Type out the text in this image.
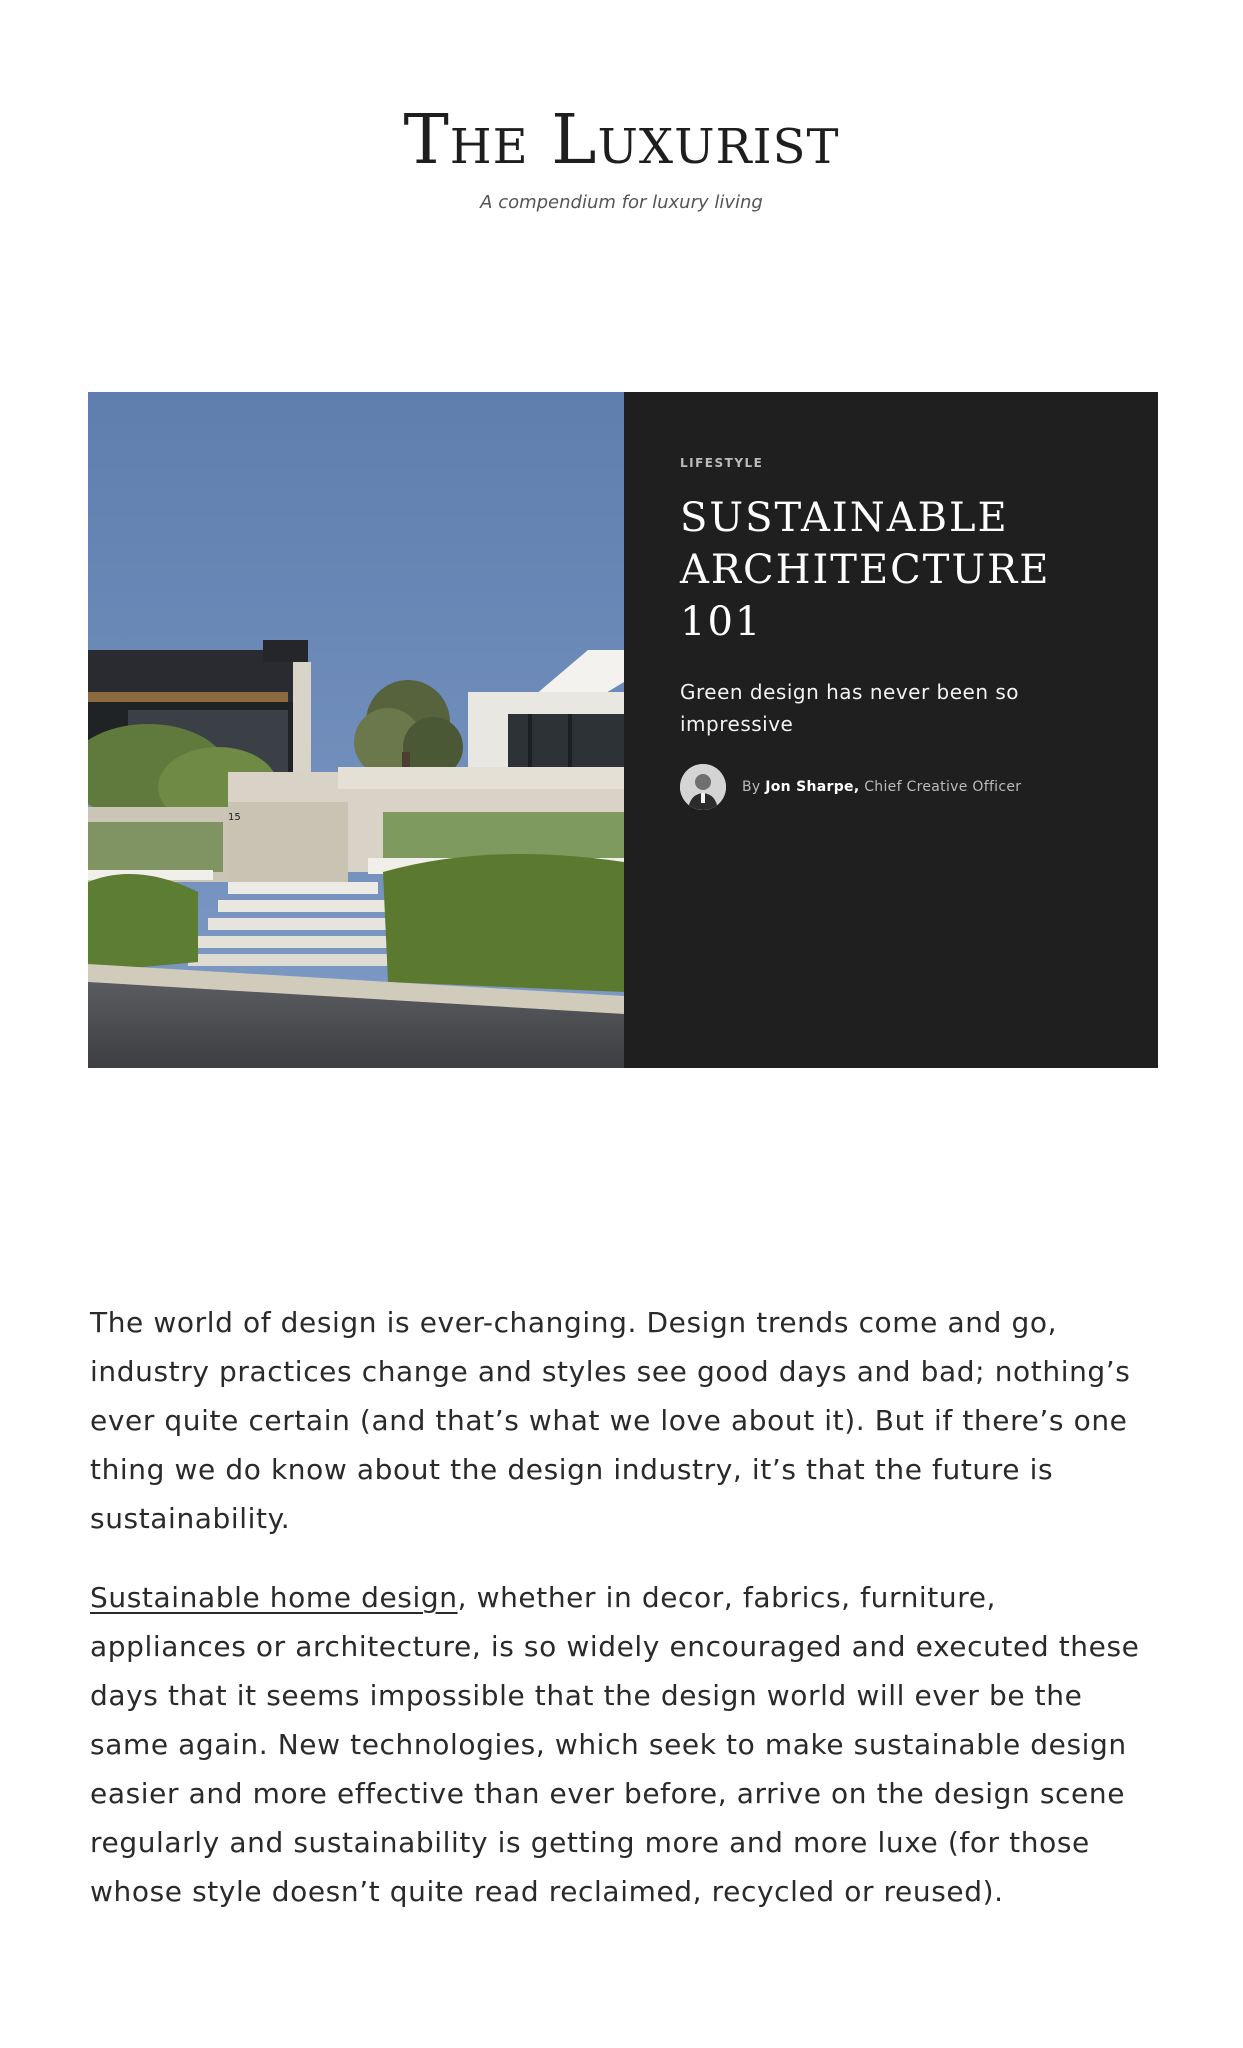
The Luxurist
A compendium for luxury living
15
LIFESTYLE
SUSTAINABLE ARCHITECTURE 101
Green design has never been so impressive
By Jon Sharpe, Chief Creative Officer

The world of design is ever-changing. Design trends come and go, industry practices change and styles see good days and bad; nothing’s ever quite certain (and that’s what we love about it). But if there’s one thing we do know about the design industry, it’s that the future is sustainability.

Sustainable home design, whether in decor, fabrics, furniture, appliances or architecture, is so widely encouraged and executed these days that it seems impossible that the design world will ever be the same again. New technologies, which seek to make sustainable design easier and more effective than ever before, arrive on the design scene regularly and sustainability is getting more and more luxe (for those whose style doesn’t quite read reclaimed, recycled or reused).
